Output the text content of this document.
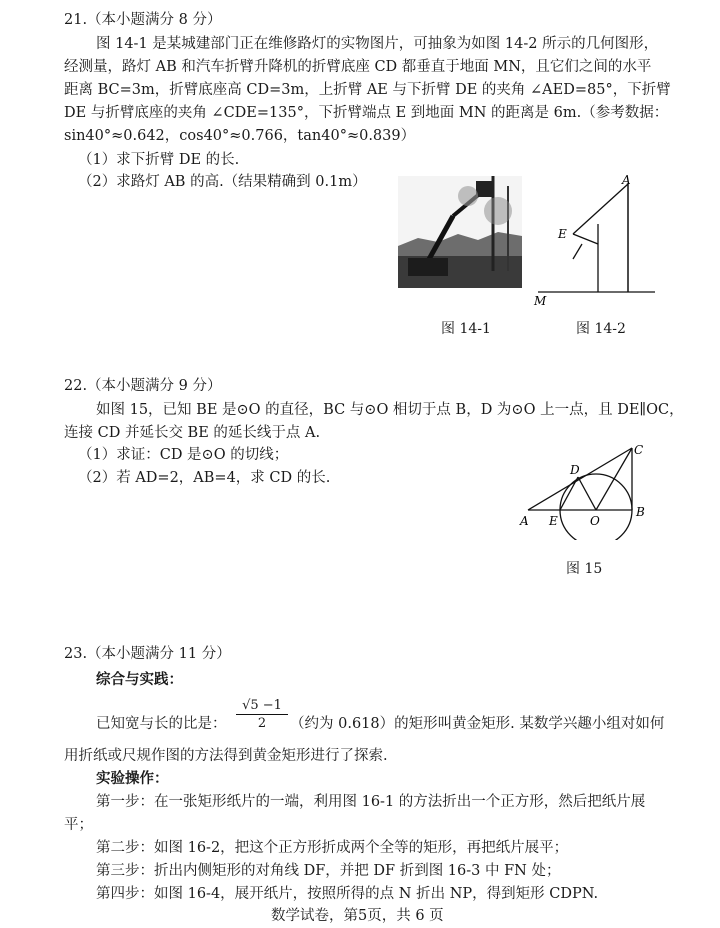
21.（本小题满分 8 分）
图 14-1 是某城建部门正在维修路灯的实物图片，可抽象为如图 14-2 所示的几何图形，
经测量，路灯 AB 和汽车折臂升降机的折臂底座 CD 都垂直于地面 MN，且它们之间的水平
距离 BC=3m，折臂底座高 CD=3m，上折臂 AE 与下折臂 DE 的夹角 ∠AED=85°，下折臂
DE 与折臂底座的夹角 ∠CDE=135°，下折臂端点 E 到地面 MN 的距离是 6m.（参考数据：
sin40°≈0.642，cos40°≈0.766，tan40°≈0.839）
（1）求下折臂 DE 的长.
（2）求路灯 AB 的高.（结果精确到 0.1m）
图 14-1
A
E
M
图 14-2
22.（本小题满分 9 分）
如图 15，已知 BE 是⊙O 的直径，BC 与⊙O 相切于点 B，D 为⊙O 上一点，且 DE∥OC，
连接 CD 并延长交 BE 的延长线于点 A.
（1）求证：CD 是⊙O 的切线；
（2）若 AD=2，AB=4，求 CD 的长.
A E	O
B
C
D
图 15
23.（本小题满分 11 分）
综合与实践：
已知宽与长的比是： $\frac{√5 -1}{2}$ （约为 0.618）的矩形叫黄金矩形. 某数学兴趣小组对如何
用折纸或尺规作图的方法得到黄金矩形进行了探索.
实验操作：
第一步：在一张矩形纸片的一端，利用图 16-1 的方法折出一个正方形，然后把纸片展
平；
第二步：如图 16-2，把这个正方形折成两个全等的矩形，再把纸片展平；
第三步：折出内侧矩形的对角线 DF，并把 DF 折到图 16-3 中 FN 处；
第四步：如图 16-4，展开纸片，按照所得的点 N 折出 NP，得到矩形 CDPN.
数学试卷，第5页，共 6 页
